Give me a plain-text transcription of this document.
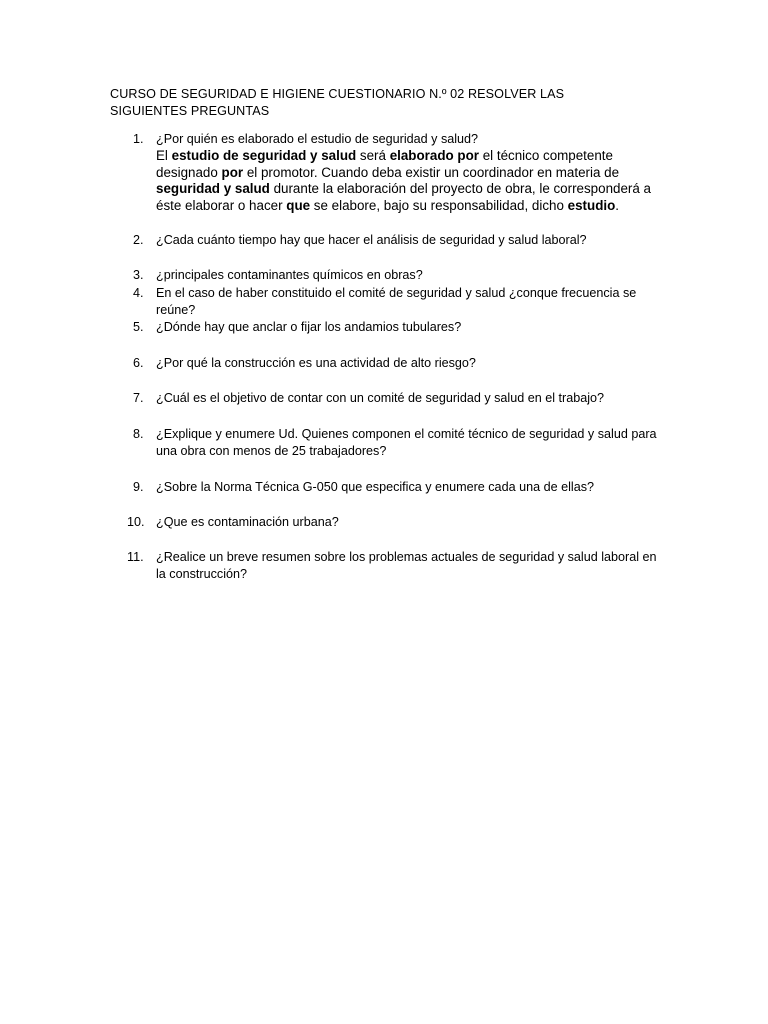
CURSO DE SEGURIDAD E HIGIENE CUESTIONARIO N.º 02 RESOLVER LAS SIGUIENTES PREGUNTAS
1. ¿Por quién es elaborado el estudio de seguridad y salud?
El estudio de seguridad y salud será elaborado por el técnico competente designado por el promotor. Cuando deba existir un coordinador en materia de seguridad y salud durante la elaboración del proyecto de obra, le corresponderá a éste elaborar o hacer que se elabore, bajo su responsabilidad, dicho estudio.
2. ¿Cada cuánto tiempo hay que hacer el análisis de seguridad y salud laboral?
3. ¿principales contaminantes químicos en obras?
4. En el caso de haber constituido el comité de seguridad y salud ¿conque frecuencia se reúne?
5. ¿Dónde hay que anclar o fijar los andamios tubulares?
6. ¿Por qué la construcción es una actividad de alto riesgo?
7. ¿Cuál es el objetivo de contar con un comité de seguridad y salud en el trabajo?
8. ¿Explique y enumere Ud. Quienes componen el comité técnico de seguridad y salud para una obra con menos de 25 trabajadores?
9. ¿Sobre la Norma Técnica G-050 que especifica y enumere cada una de ellas?
10. ¿Que es contaminación urbana?
11. ¿Realice un breve resumen sobre los problemas actuales de seguridad y salud laboral en la construcción?
